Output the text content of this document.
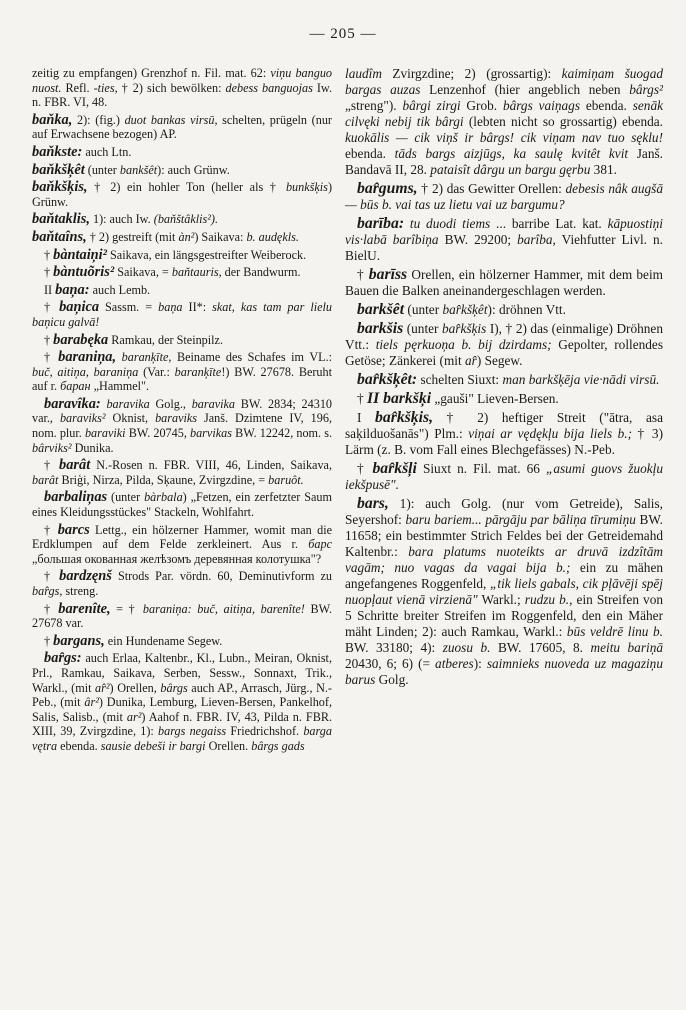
— 205 —

zeitig zu empfangen) Grenzhof n. Fil. mat. 62: viņu banguo nuost. Refl. -ties, † 2) sich bewölken: debess banguojas Iw. n. FBR. VI, 48.

baňka, 2): (fig.) duot bankas virsū, schelten, prügeln (nur auf Erwachsene bezogen) AP.

baňkste: auch Ltn.

baňkšķêt (unter bankšêt): auch Grünw.

baňkšķis, † 2) ein hohler Ton (heller als † bunkšķis) Grünw.

baňtaklis, 1): auch Iw. (baňštâklis²).

baňtaîns, † 2) gestreift (mit àn²) Saikava: b. audękls.

† bàntaiņi² Saikava, ein längsgestreifter Weiberock.

† bàntuõris² Saikava, = baňtauris, der Bandwurm.

II baņa: auch Lemb.

† baņica Sassm. = baņa II*: skat, kas tam par lielu baņicu galvā!

† barabęka Ramkau, der Steinpilz.

† baraniņa, baranķīte, Beiname des Schafes im VL.: buč, aitiņa, baraniņa (Var.: baranķīte!) BW. 27678. Beruht auf r. баран „Hammel".

baravîka: baravika Golg., baravika BW. 2834; 24310 var., baraviks² Oknist, baraviks Janš. Dzimtene IV, 196, nom. plur. baraviki BW. 20745, barvikas BW. 12242, nom. s. bârviks² Dunika.

† barât N.-Rosen n. FBR. VIII, 46, Linden, Saikava, barât Briģi, Nirza, Pilda, Sķaune, Zvirgzdine, = baruôt.

barbaliņas (unter bàrbala) „Fetzen, ein zerfetzter Saum eines Kleidungsstückes" Stackeln, Wohlfahrt.

† barcs Lettg., ein hölzerner Hammer, womit man die Erdklumpen auf dem Felde zerkleinert. Aus r. барс „большая окованная желѣзомъ деревянная колотушка"?

† bardzęnš Strods Par. vördn. 60, Deminutivform zu bar̂gs, streng.

† barenîte, = † baraniņa: buč, aitiņa, barenîte! BW. 27678 var.

† bargans, ein Hundename Segew.

bar̂gs: auch Erlaa, Kaltenbr., Kl., Lubn., Meiran, Oknist, Prl., Ramkau, Saikava, Serben, Sessw., Sonnaxt, Trik., Warkl., (mit ar̂²) Orellen, bârgs auch AP., Arrasch, Jürg., N.-Peb., (mit âr²) Dunika, Lemburg, Lieven-Bersen, Pankelhof, Salis, Salisb., (mit ar²) Aahof n. FBR. IV, 43, Pilda n. FBR. XIII, 39, Zvirgzdine, 1): bargs negaiss Friedrichshof. barga vętra ebenda. sausie debeši ir bargi Orellen. bârgs gads

laudîm Zvirgzdine; 2) (grossartig): kaimiņam šuogad bargas auzas Lenzenhof (hier angeblich neben bârgs² „streng"). bârgi zirgi Grob. bârgs vaiņags ebenda. senāk cilvęki nebij tik bârgi (lebten nicht so grossartig) ebenda. kuokālis — cik viņš ir bârgs! cik viņam nav tuo sęklu! ebenda. tāds bargs aizjūgs, ka saulę kvitêt kvit Janš. Bandavā II, 28. pataisît dârgu un bargu gęrbu 381.

bar̂gums, † 2) das Gewitter Orellen: debesis nâk augšā — būs b. vai tas uz lietu vai uz bargumu?

barība: tu duodi tiems ... barribe Lat. kat. kāpuostiņi vis·labā barîbiņa BW. 29200; barîba, Viehfutter Livl. n. BielU.

† barīss Orellen, ein hölzerner Hammer, mit dem beim Bauen die Balken aneinandergeschlagen werden.

barkšêt (unter bar̂kšķêt): dröhnen Vtt.

barkšis (unter bar̂kšķis I), † 2) das (einmalige) Dröhnen Vtt.: tiels pęrkuoņa b. bij dzirdams; Gepolter, rollendes Getöse; Zänkerei (mit ar̂) Segew.

bar̂kšķêt: schelten Siuxt: man barkšķēja vie·nādi virsū.

† II barkšķi „gauši" Lieven-Bersen.

I bar̂kšķis, † 2) heftiger Streit ("ātra, asa saķilduošanās") Plm.: viņai ar vędękļu bija liels b.; † 3) Lärm (z. B. vom Fall eines Blechgefässes) N.-Peb.

† bar̂kšļi Siuxt n. Fil. mat. 66 „asumi guovs žuokļu iekšpusē".

bars, 1): auch Golg. (nur vom Getreide), Salis, Seyershof: baru bariem... pārgāju par bāliņa tīrumiņu BW. 11658; ein bestimmter Strich Feldes bei der Getreidemahd Kaltenbr.: bara platums nuoteikts ar druvā izdzîtām vagām; nuo vagas da vagai bija b.; ein zu mähen angefangenes Roggenfeld, „tik liels gabals, cik pļāvēji spēj nuopļaut vienā virzienā" Warkl.; rudzu b., ein Streifen von 5 Schritte breiter Streifen im Roggenfeld, den ein Mäher mäht Linden; 2): auch Ramkau, Warkl.: būs veldrē linu b. BW. 33180; 4): zuosu b. BW. 17605, 8. meitu bariņā 20430, 6; 6) (= atberes): saimnieks nuoveda uz magaziņu barus Golg.
